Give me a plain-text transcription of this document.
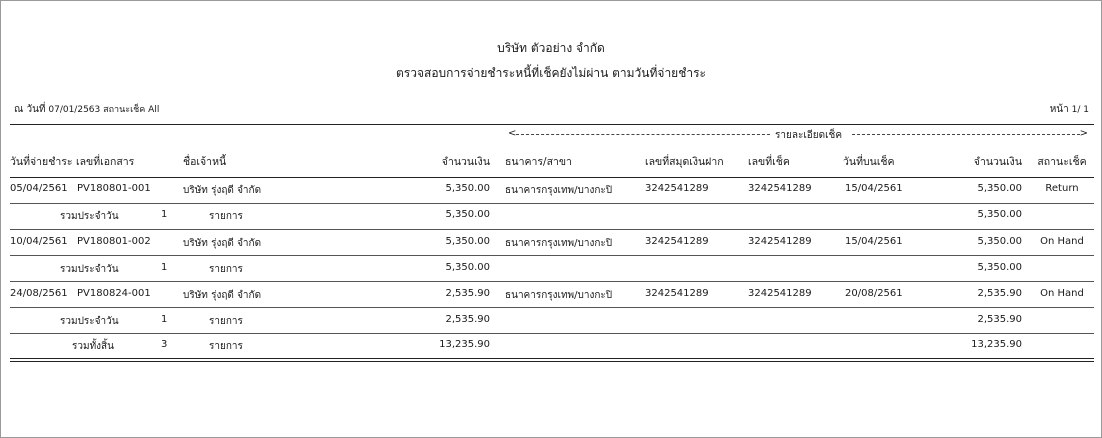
บริษัท ตัวอย่าง จำกัด
ตรวจสอบการจ่ายชำระหนี้ที่เช็คยังไม่ผ่าน ตามวันที่จ่ายชำระ
ณ วันที่ 07/01/2563 สถานะเช็ค All	หน้า 1/ 1
<	รายละเอียดเช็ค	>
วันที่จ่ายชำระ เลขที่เอกสาร	ชื่อเจ้าหนี้	จำนวนเงิน ธนาคาร/สาขา	เลขที่สมุดเงินฝาก เลขที่เช็ค	วันที่บนเช็ค	จำนวนเงิน	สถานะเช็ค
05/04/2561 PV180801-001	บริษัท รุ่งฤดี จำกัด	5,350.00 ธนาคารกรุงเทพ/บางกะปิ	3242541289	3242541289	15/04/2561	5,350.00	Return
รวมประจำวัน	1	รายการ	5,350.00	5,350.00
10/04/2561 PV180801-002	บริษัท รุ่งฤดี จำกัด	5,350.00 ธนาคารกรุงเทพ/บางกะปิ	3242541289	3242541289	15/04/2561	5,350.00	On Hand
รวมประจำวัน	1	รายการ	5,350.00	5,350.00
24/08/2561 PV180824-001	บริษัท รุ่งฤดี จำกัด	2,535.90 ธนาคารกรุงเทพ/บางกะปิ	3242541289	3242541289	20/08/2561	2,535.90	On Hand
รวมประจำวัน	1	รายการ	2,535.90	2,535.90
รวมทั้งสิ้น	3	รายการ	13,235.90	13,235.90
